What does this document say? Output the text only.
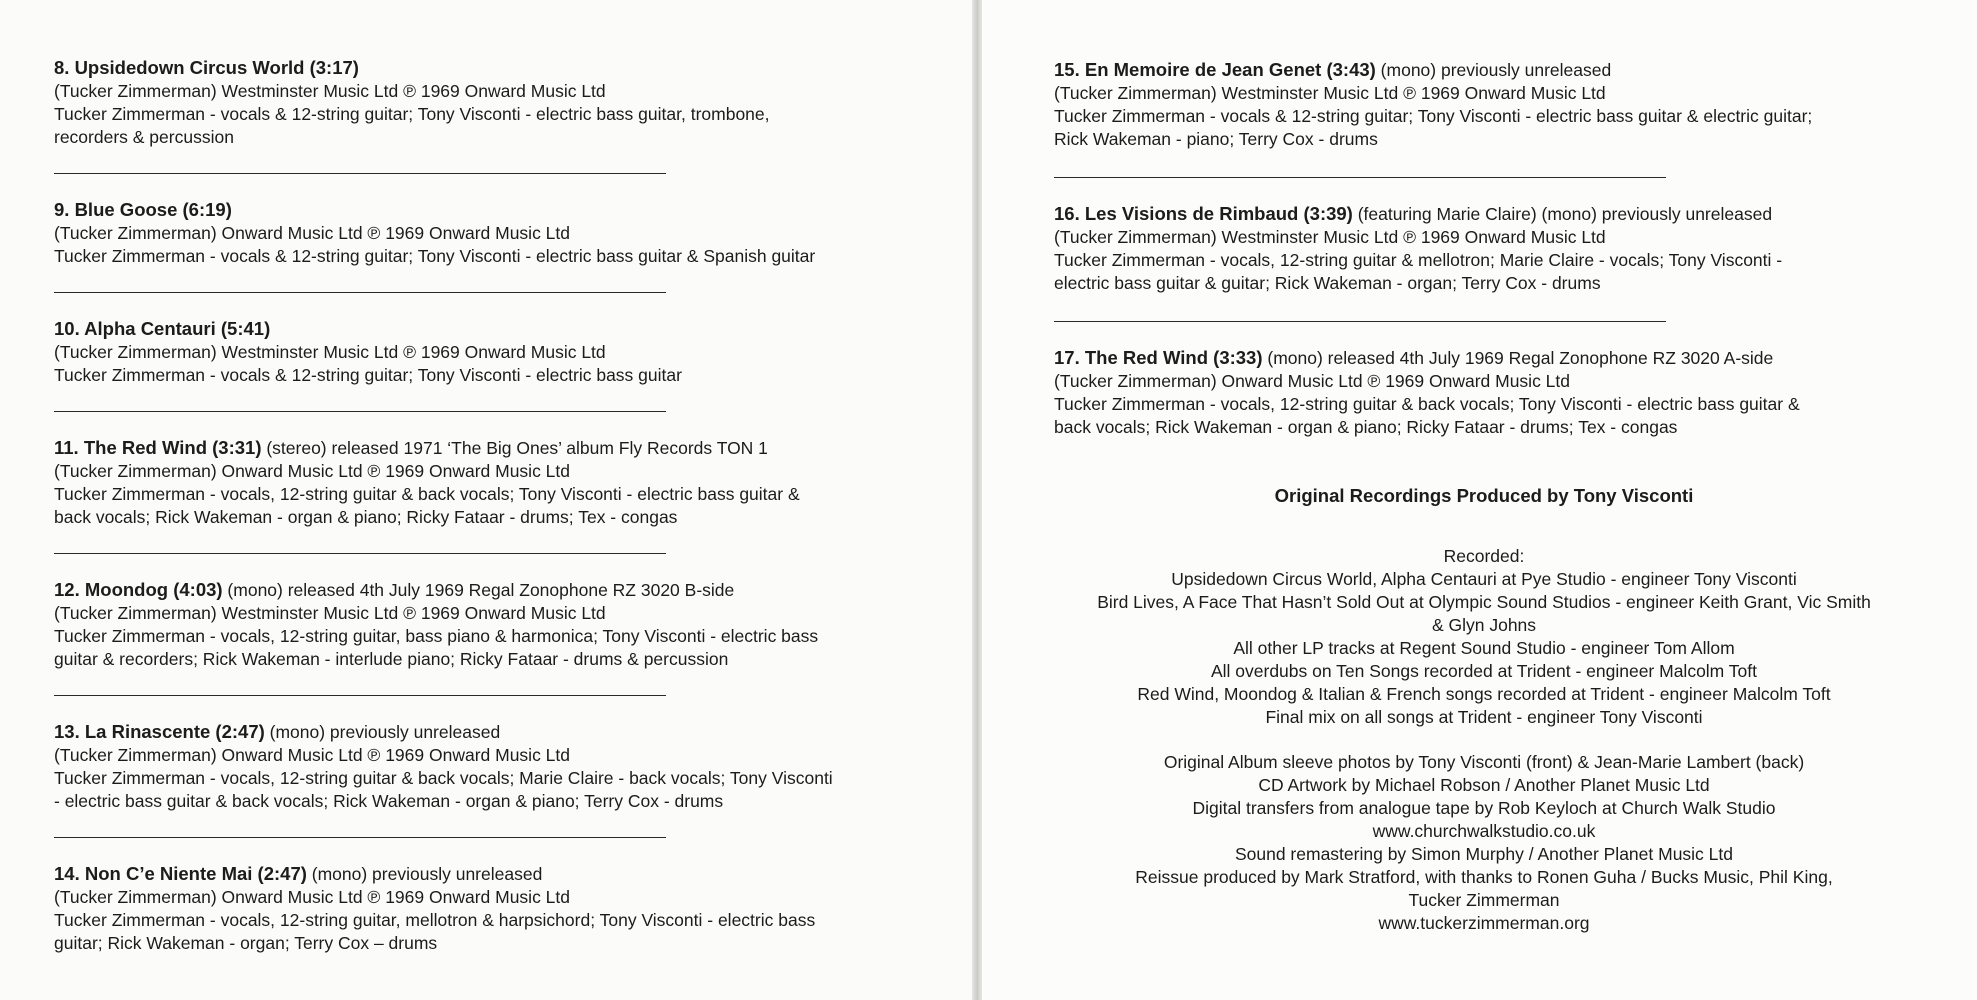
8. Upsidedown Circus World (3:17)

(Tucker Zimmerman) Westminster Music Ltd ℗ 1969 Onward Music Ltd

Tucker Zimmerman - vocals & 12-string guitar; Tony Visconti - electric bass guitar, trombone,

recorders & percussion

9. Blue Goose (6:19)

(Tucker Zimmerman) Onward Music Ltd ℗ 1969 Onward Music Ltd

Tucker Zimmerman - vocals & 12-string guitar; Tony Visconti - electric bass guitar & Spanish guitar

10. Alpha Centauri (5:41)

(Tucker Zimmerman) Westminster Music Ltd ℗ 1969 Onward Music Ltd

Tucker Zimmerman - vocals & 12-string guitar; Tony Visconti - electric bass guitar

11. The Red Wind (3:31) (stereo) released 1971 ‘The Big Ones’ album Fly Records TON 1

(Tucker Zimmerman) Onward Music Ltd ℗ 1969 Onward Music Ltd

Tucker Zimmerman - vocals, 12-string guitar & back vocals; Tony Visconti - electric bass guitar &

back vocals; Rick Wakeman - organ & piano; Ricky Fataar - drums; Tex - congas

12. Moondog (4:03) (mono) released 4th July 1969 Regal Zonophone RZ 3020 B-side

(Tucker Zimmerman) Westminster Music Ltd ℗ 1969 Onward Music Ltd

Tucker Zimmerman - vocals, 12-string guitar, bass piano & harmonica; Tony Visconti - electric bass

guitar & recorders; Rick Wakeman - interlude piano; Ricky Fataar - drums & percussion

13. La Rinascente (2:47) (mono) previously unreleased

(Tucker Zimmerman) Onward Music Ltd ℗ 1969 Onward Music Ltd

Tucker Zimmerman - vocals, 12-string guitar & back vocals; Marie Claire - back vocals; Tony Visconti

- electric bass guitar & back vocals; Rick Wakeman - organ & piano; Terry Cox - drums

14. Non C’e Niente Mai (2:47) (mono) previously unreleased

(Tucker Zimmerman) Onward Music Ltd ℗ 1969 Onward Music Ltd

Tucker Zimmerman - vocals, 12-string guitar, mellotron & harpsichord; Tony Visconti - electric bass

guitar; Rick Wakeman - organ; Terry Cox – drums

15. En Memoire de Jean Genet (3:43) (mono) previously unreleased

(Tucker Zimmerman) Westminster Music Ltd ℗ 1969 Onward Music Ltd

Tucker Zimmerman - vocals & 12-string guitar; Tony Visconti - electric bass guitar & electric guitar;

Rick Wakeman - piano; Terry Cox - drums

16. Les Visions de Rimbaud (3:39) (featuring Marie Claire) (mono) previously unreleased

(Tucker Zimmerman) Westminster Music Ltd ℗ 1969 Onward Music Ltd

Tucker Zimmerman - vocals, 12-string guitar & mellotron; Marie Claire - vocals; Tony Visconti -

electric bass guitar & guitar; Rick Wakeman - organ; Terry Cox - drums

17. The Red Wind (3:33) (mono) released 4th July 1969 Regal Zonophone RZ 3020 A-side

(Tucker Zimmerman) Onward Music Ltd ℗ 1969 Onward Music Ltd

Tucker Zimmerman - vocals, 12-string guitar & back vocals; Tony Visconti - electric bass guitar &

back vocals; Rick Wakeman - organ & piano; Ricky Fataar - drums; Tex - congas

Original Recordings Produced by Tony Visconti

Recorded:

Upsidedown Circus World, Alpha Centauri at Pye Studio - engineer Tony Visconti

Bird Lives, A Face That Hasn’t Sold Out at Olympic Sound Studios - engineer Keith Grant, Vic Smith

& Glyn Johns

All other LP tracks at Regent Sound Studio - engineer Tom Allom

All overdubs on Ten Songs recorded at Trident - engineer Malcolm Toft

Red Wind, Moondog & Italian & French songs recorded at Trident - engineer Malcolm Toft

Final mix on all songs at Trident - engineer Tony Visconti

Original Album sleeve photos by Tony Visconti (front) & Jean-Marie Lambert (back)

CD Artwork by Michael Robson / Another Planet Music Ltd

Digital transfers from analogue tape by Rob Keyloch at Church Walk Studio

www.churchwalkstudio.co.uk

Sound remastering by Simon Murphy / Another Planet Music Ltd

Reissue produced by Mark Stratford, with thanks to Ronen Guha / Bucks Music, Phil King,

Tucker Zimmerman

www.tuckerzimmerman.org
